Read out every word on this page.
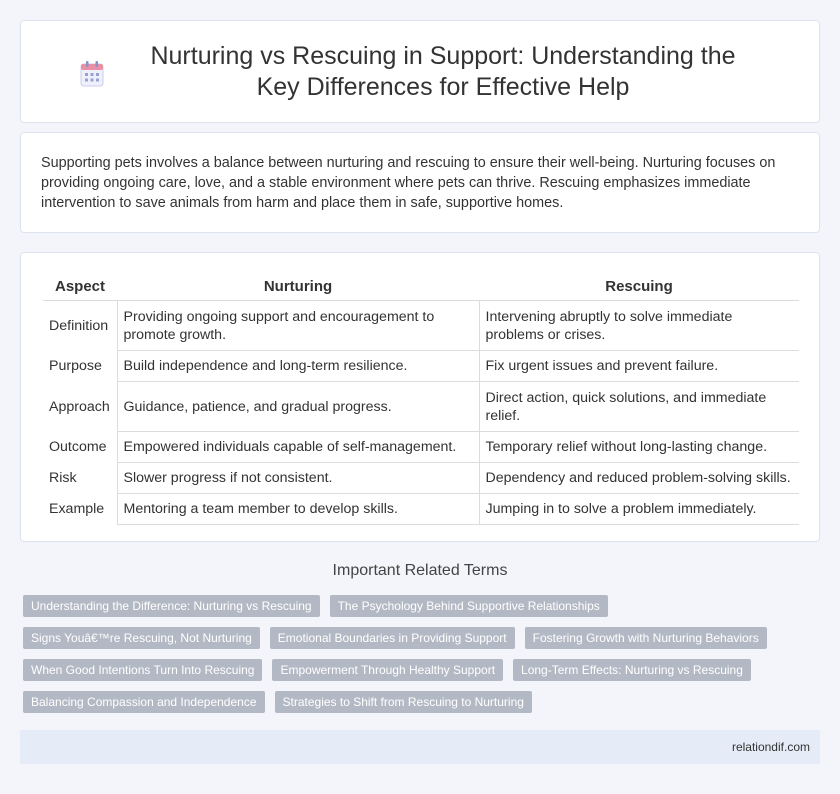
Nurturing vs Rescuing in Support: Understanding the Key Differences for Effective Help

Supporting pets involves a balance between nurturing and rescuing to ensure their well-being. Nurturing focuses on providing ongoing care, love, and a stable environment where pets can thrive. Rescuing emphasizes immediate intervention to save animals from harm and place them in safe, supportive homes.

Aspect	Nurturing	Rescuing
Definition	Providing ongoing support and encouragement to promote growth.	Intervening abruptly to solve immediate problems or crises.
Purpose	Build independence and long-term resilience.	Fix urgent issues and prevent failure.
Approach	Guidance, patience, and gradual progress.	Direct action, quick solutions, and immediate relief.
Outcome	Empowered individuals capable of self-management.	Temporary relief without long-lasting change.
Risk	Slower progress if not consistent.	Dependency and reduced problem-solving skills.
Example	Mentoring a team member to develop skills.	Jumping in to solve a problem immediately.
Important Related Terms
Understanding the Difference: Nurturing vs Rescuing	The Psychology Behind Supportive Relationships
Signs Youâ€™re Rescuing, Not Nurturing	Emotional Boundaries in Providing Support	Fostering Growth with Nurturing Behaviors
When Good Intentions Turn Into Rescuing	Empowerment Through Healthy Support	Long-Term Effects: Nurturing vs Rescuing
Balancing Compassion and Independence	Strategies to Shift from Rescuing to Nurturing
relationdif.com
